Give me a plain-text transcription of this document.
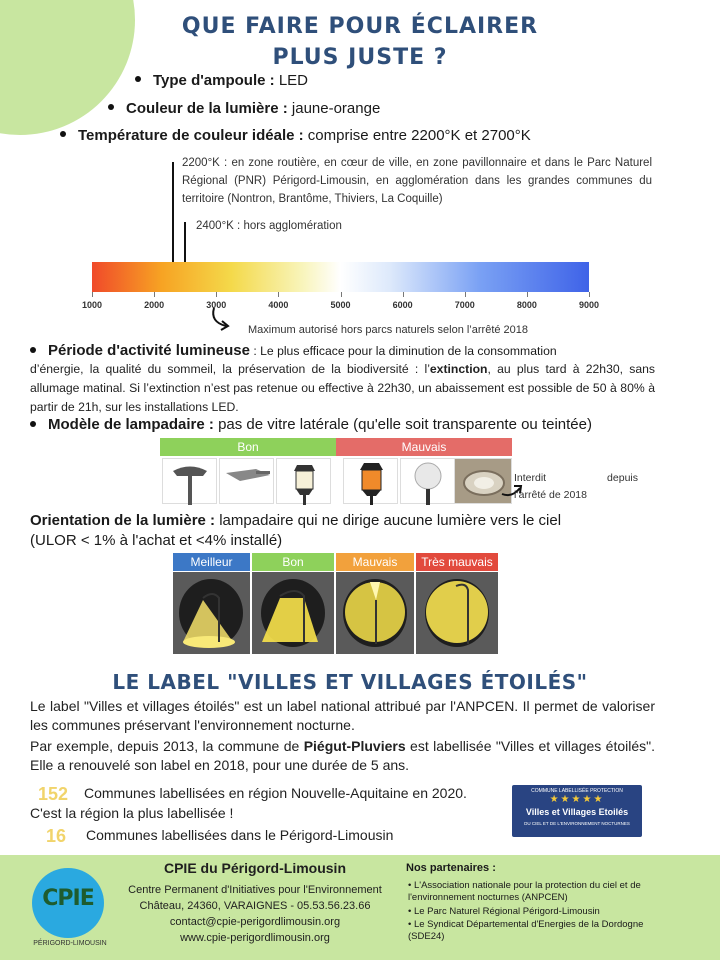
QUE FAIRE POUR ÉCLAIRER
PLUS JUSTE ?
Type d'ampoule : LED
Couleur de la lumière : jaune-orange
Température de couleur idéale : comprise entre 2200°K et 2700°K
2200°K : en zone routière, en cœur de ville, en zone pavillonnaire et dans le Parc Naturel Régional (PNR) Périgord-Limousin, en agglomération dans les grandes communes du territoire (Nontron, Brantôme, Thiviers, La Coquille)
2400°K : hors agglomération
1000	2000	3000	4000	5000	6000	7000	8000	9000
Maximum autorisé hors parcs naturels selon l’arrêté 2018
Période d'activité lumineuse : Le plus efficace pour la diminution de la consommation
d’énergie, la qualité du sommeil, la préservation de la biodiversité : l’extinction, au plus tard à 22h30, sans allumage matinal. Si l’extinction n’est pas retenue ou effective à 22h30, un abaissement est possible de 50 à 80% à partir de 21h, sur les installations LED.
Modèle de lampadaire : pas de vitre latérale (qu'elle soit transparente ou teintée)
Bon	Mauvais
Interdit	depuis
l’arrêté de 2018
Orientation de la lumière : lampadaire qui ne dirige aucune lumière vers le ciel
(ULOR < 1% à l'achat et <4% installé)
Meilleur	Bon	Mauvais	Très mauvais
LE LABEL "VILLES ET VILLAGES ÉTOILÉS"
Le label "Villes et villages étoilés" est un label national attribué par l'ANPCEN. Il permet de valoriser les communes préservant l'environnement nocturne.
Par exemple, depuis 2013, la commune de Piégut-Pluviers est labellisée "Villes et villages étoilés". Elle a renouvelé son label en 2018, pour une durée de 5 ans.
152 Communes labellisées en région Nouvelle-Aquitaine en 2020.
C'est la région la plus labellisée !
16 Communes labellisées dans le Périgord-Limousin
COMMUNE LABELLISÉE PROTECTION
★★★★★
Villes et Villages Etoilés
DU CIEL ET DE L'ENVIRONNEMENT NOCTURNES
CPIE
PÉRIGORD-LIMOUSIN
CPIE du Périgord-Limousin
Centre Permanent d'Initiatives pour l'Environnement
Château, 24360, VARAIGNES - 05.53.56.23.66
contact@cpie-perigordlimousin.org
www.cpie-perigordlimousin.org
Nos partenaires :
• L'Association nationale pour la protection du ciel et de l'environnement nocturnes (ANPCEN)
• Le Parc Naturel Régional Périgord-Limousin
• Le Syndicat Départemental d'Energies de la Dordogne (SDE24)
